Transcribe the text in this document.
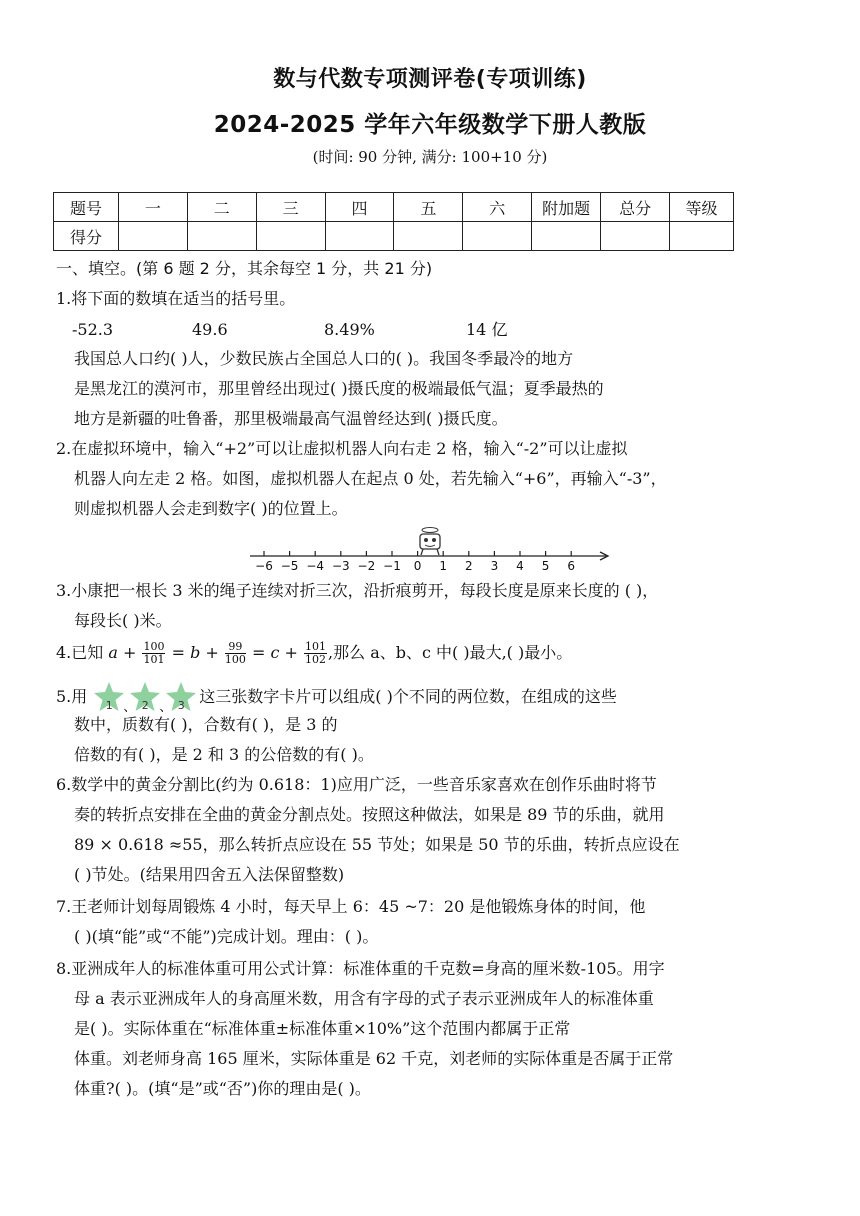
数与代数专项测评卷(专项训练)
2024-2025 学年六年级数学下册人教版
(时间: 90 分钟, 满分: 100+10 分)
题号	一	二	三	四	五	六	附加题	总分	等级
得分									
一、填空。(第 6 题 2 分，其余每空 1 分，共 21 分)
1.将下面的数填在适当的括号里。
-52.3	49.6	8.49%	14 亿
我国总人口约( )人，少数民族占全国总人口的( )。我国冬季最冷的地方
是黑龙江的漠河市，那里曾经出现过( )摄氏度的极端最低气温；夏季最热的
地方是新疆的吐鲁番，那里极端最高气温曾经达到( )摄氏度。
2.在虚拟环境中，输入“+2”可以让虚拟机器人向右走 2 格，输入“-2”可以让虚拟
机器人向左走 2 格。如图，虚拟机器人在起点 0 处，若先输入“+6”，再输入“-3”，
则虚拟机器人会走到数字( )的位置上。
−6 −5 −4 −3 −2 −1 0 1 2 3 4 5 6
3.小康把一根长 3 米的绳子连续对折三次，沿折痕剪开，每段长度是原来长度的 ( )，
每段长( )米。
4.已知 $a + \frac{100}{101} = b + \frac{99}{100} = c + \frac{101}{102}$ ,那么 a、b、c 中( )最大,( )最小。
5.用	1 、 2 、 3 这三张数字卡片可以组成( )个不同的两位数，在组成的这些
数中，质数有( )，合数有( )，是 3 的
倍数的有( )，是 2 和 3 的公倍数的有( )。
6.数学中的黄金分割比(约为 0.618：1)应用广泛，一些音乐家喜欢在创作乐曲时将节
奏的转折点安排在全曲的黄金分割点处。按照这种做法，如果是 89 节的乐曲，就用
89 × 0.618 ≈55，那么转折点应设在 55 节处；如果是 50 节的乐曲，转折点应设在
( )节处。(结果用四舍五入法保留整数)
7.王老师计划每周锻炼 4 小时，每天早上 6：45 ~7：20 是他锻炼身体的时间，他
( )(填“能”或“不能”)完成计划。理由：( )。
8.亚洲成年人的标准体重可用公式计算：标准体重的千克数=身高的厘米数-105。用字
母 a 表示亚洲成年人的身高厘米数，用含有字母的式子表示亚洲成年人的标准体重
是( )。实际体重在“标准体重±标准体重×10%”这个范围内都属于正常
体重。刘老师身高 165 厘米，实际体重是 62 千克，刘老师的实际体重是否属于正常
体重?( )。(填“是”或“否”)你的理由是( )。
